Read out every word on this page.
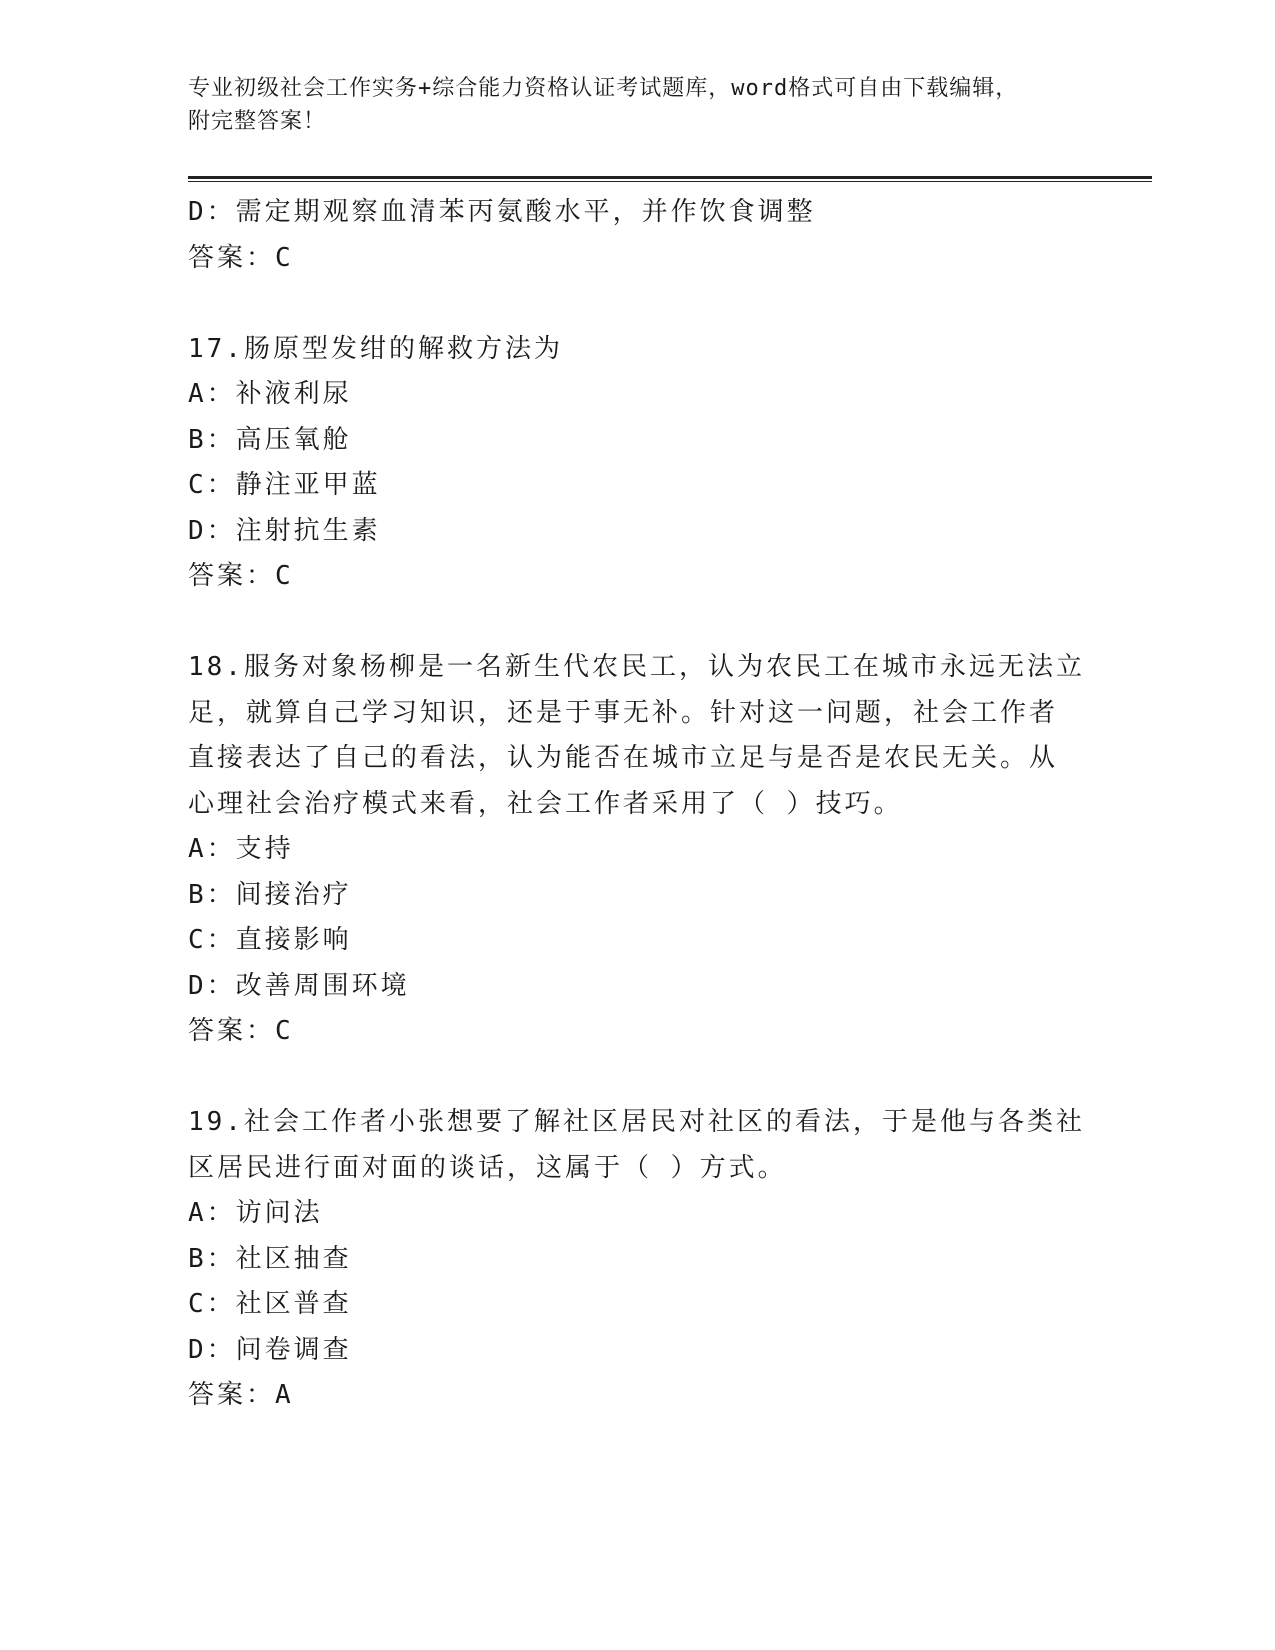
专业初级社会工作实务+综合能力资格认证考试题库，word格式可自由下载编辑，
附完整答案！
D：需定期观察血清苯丙氨酸水平，并作饮食调整
答案：C
17.肠原型发绀的解救方法为
A：补液利尿
B：高压氧舱
C：静注亚甲蓝
D：注射抗生素
答案：C
18.服务对象杨柳是一名新生代农民工，认为农民工在城市永远无法立
足，就算自己学习知识，还是于事无补。针对这一问题，社会工作者
直接表达了自己的看法，认为能否在城市立足与是否是农民无关。从
心理社会治疗模式来看，社会工作者采用了（ ）技巧。
A：支持
B：间接治疗
C：直接影响
D：改善周围环境
答案：C
19.社会工作者小张想要了解社区居民对社区的看法，于是他与各类社
区居民进行面对面的谈话，这属于（ ）方式。
A：访问法
B：社区抽查
C：社区普查
D：问卷调查
答案：A
